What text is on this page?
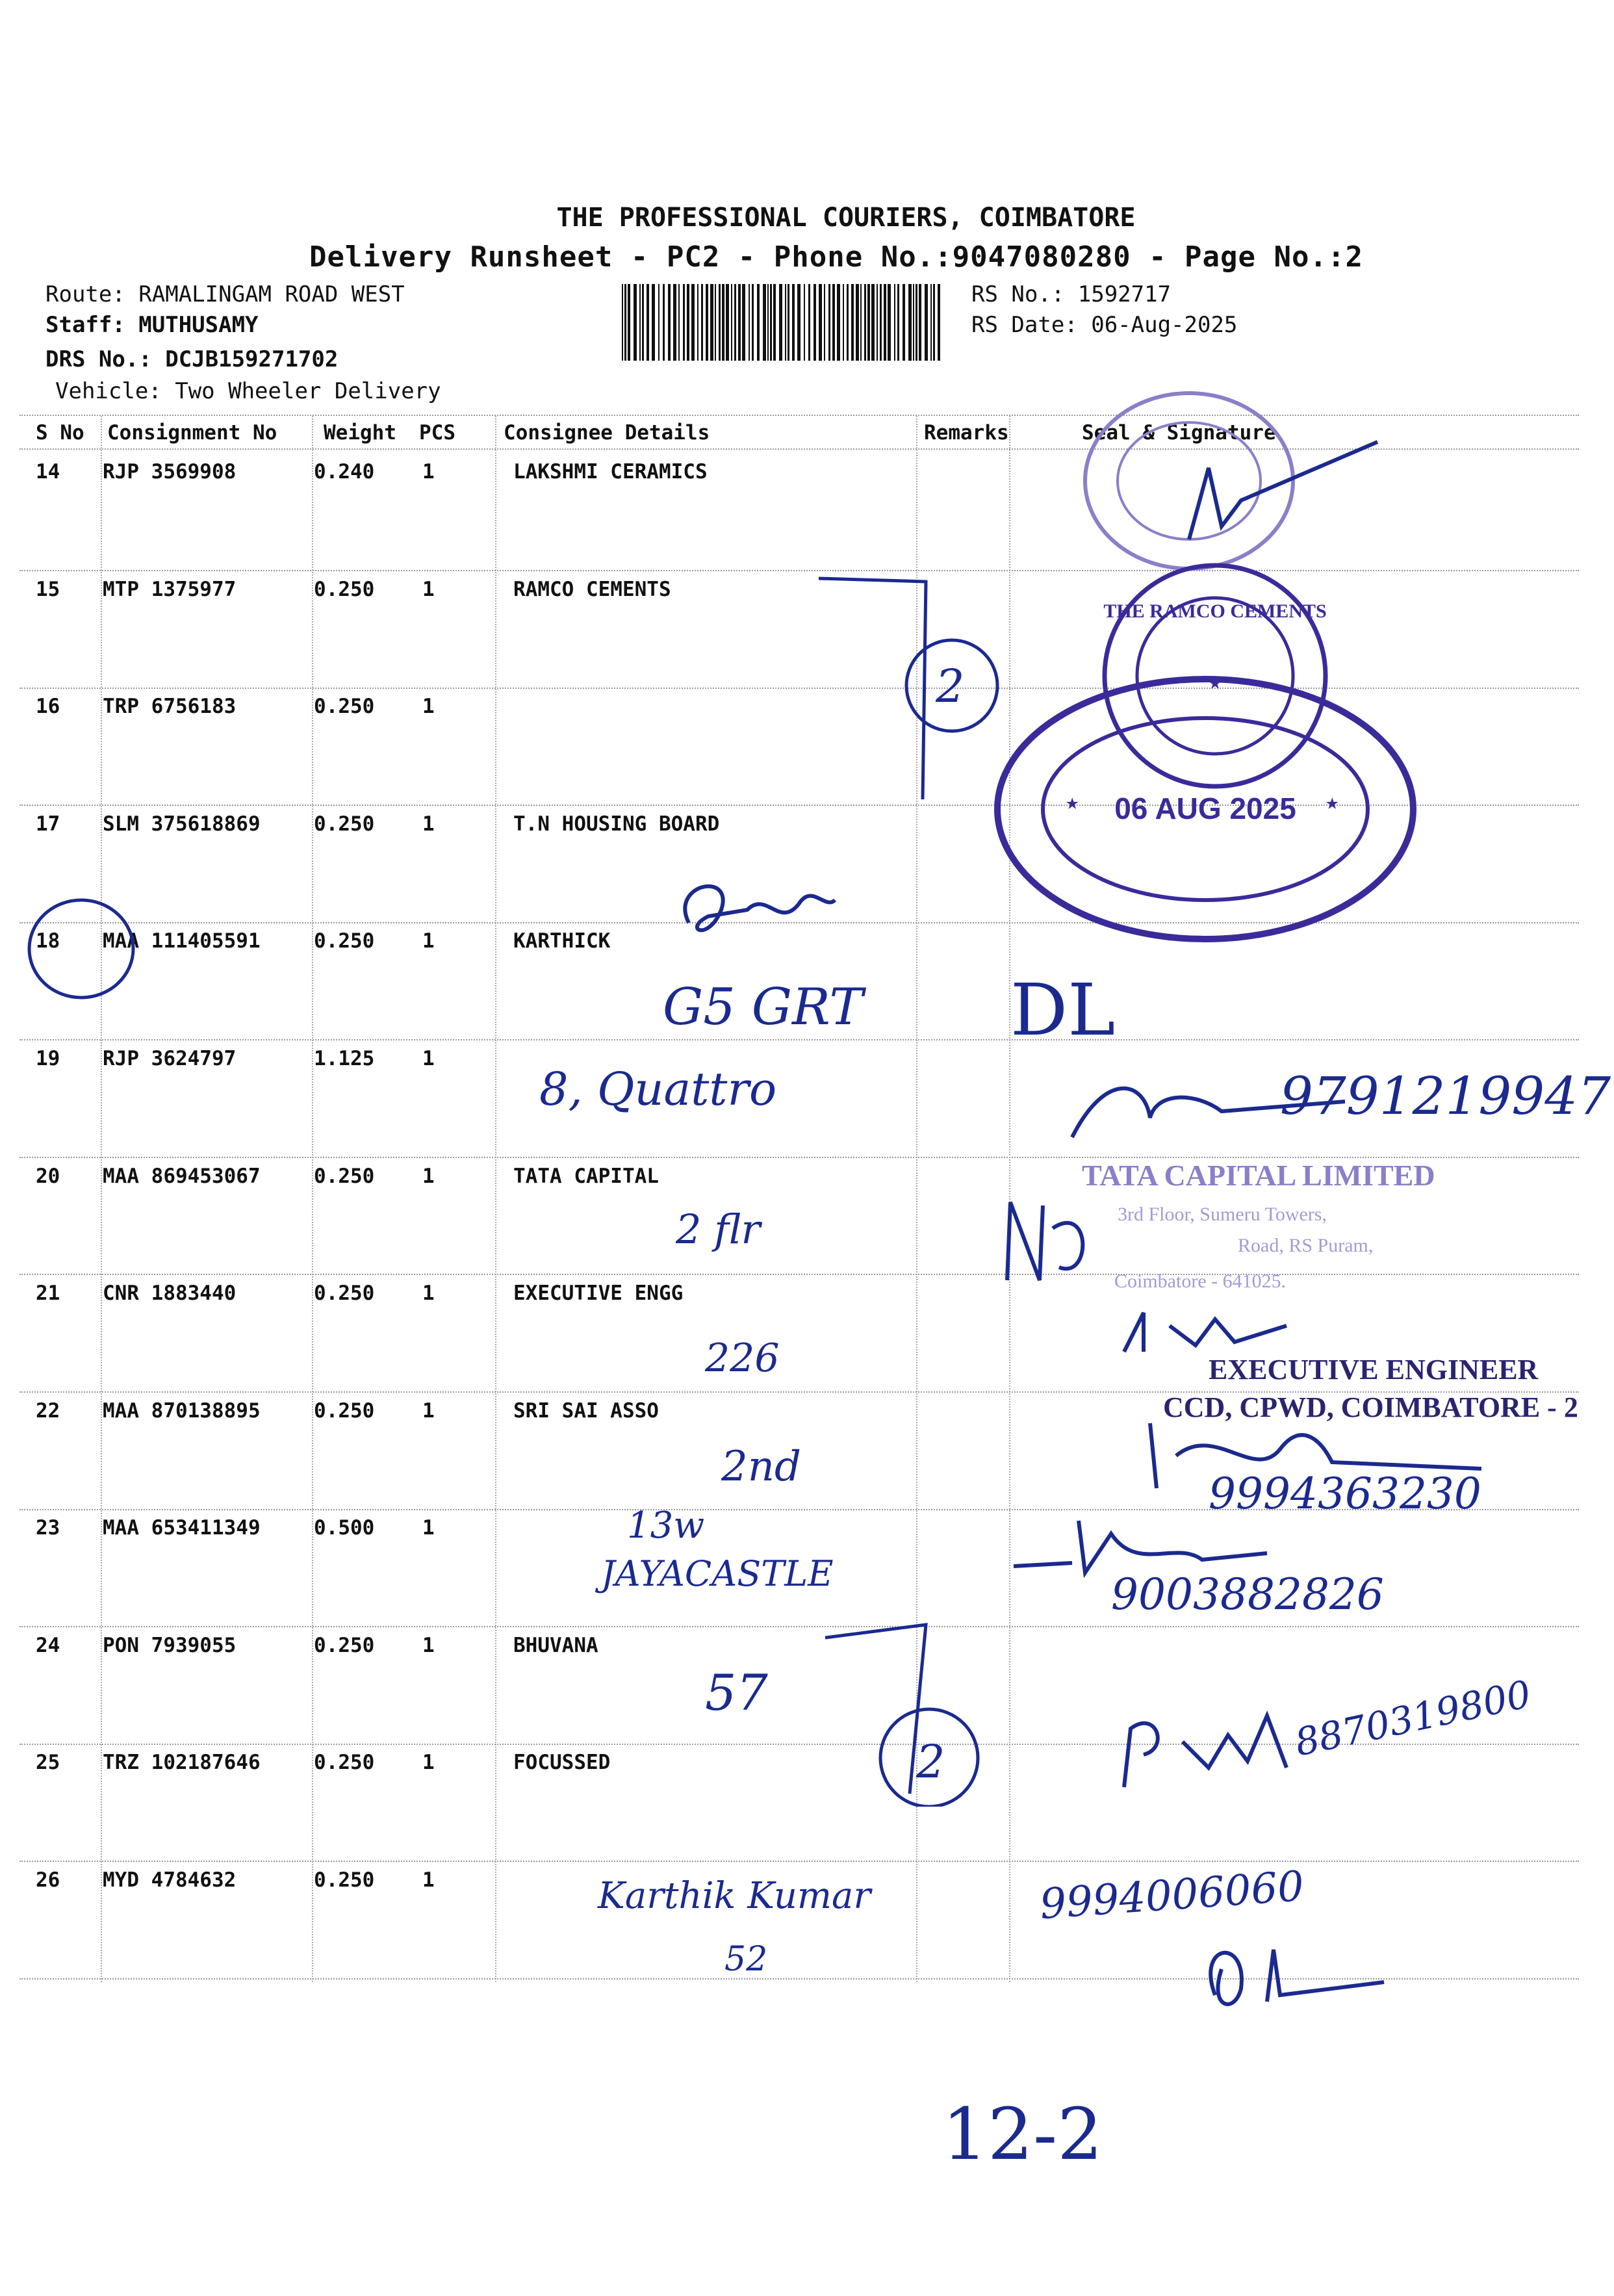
THE PROFESSIONAL COURIERS, COIMBATORE
Delivery Runsheet - PC2 - Phone No.:9047080280 - Page No.:2
Route: RAMALINGAM ROAD WEST
Staff: MUTHUSAMY
DRS No.: DCJB159271702
Vehicle: Two Wheeler Delivery
RS No.: 1592717
RS Date: 06-Aug-2025
S No Consignment No Weight PCS Consignee Details	Remarks	Seal & Signature
14 RJP 3569908	0.240 1	LAKSHMI CERAMICS
15 MTP 1375977	0.250 1	RAMCO CEMENTS
16 TRP 6756183	0.250 1
17 SLM 375618869	0.250 1	T.N HOUSING BOARD
18 MAA 111405591	0.250 1	KARTHICK
19 RJP 3624797	1.125 1
20 MAA 869453067	0.250 1	TATA CAPITAL
21 CNR 1883440	0.250 1	EXECUTIVE ENGG
22 MAA 870138895	0.250 1	SRI SAI ASSO
23 MAA 653411349	0.500 1
24 PON 7939055	0.250 1	BHUVANA
25 TRZ 102187646	0.250 1	FOCUSSED
26 MYD 4784632	0.250 1
THE RAMCO CEMENTS
★
06 AUG 2025
★	★
TATA CAPITAL LIMITED
3rd Floor, Sumeru Towers,
Road, RS Puram,
Coimbatore - 641025.
EXECUTIVE ENGINEER
CCD, CPWD, COIMBATORE - 2
2
2
G5 GRT
8, Quattro
2 flr
226
2nd
13w
JAYACASTLE
57
Karthik Kumar
52
DL
9791219947
9994363230
9003882826
8870319800
9994006060
12-2
